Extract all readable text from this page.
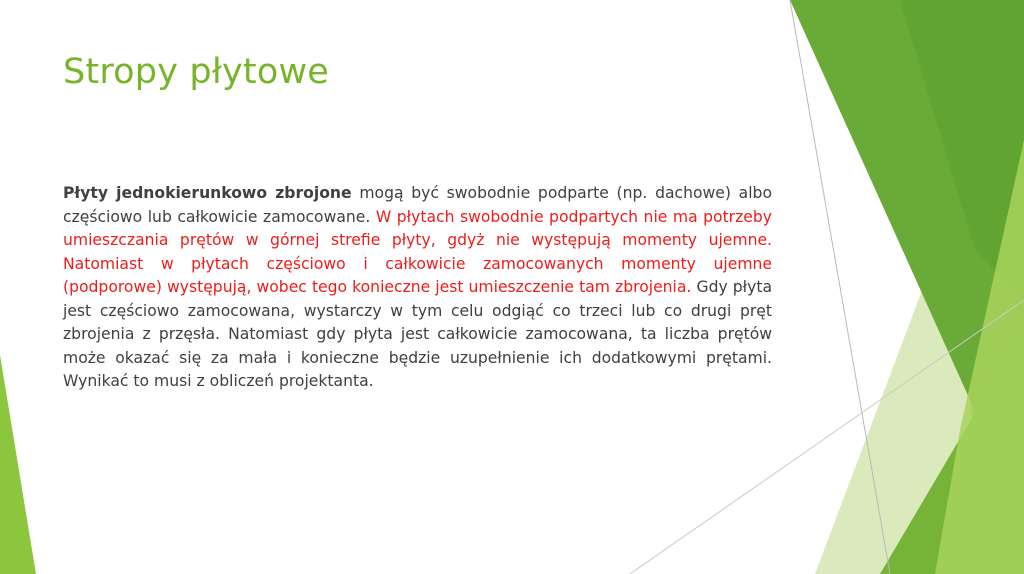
Stropy płytowe

Płyty jednokierunkowo zbrojone mogą być swobodnie podparte (np. dachowe) albo częściowo lub całkowicie zamocowane. W płytach swobodnie podpartych nie ma potrzeby umieszczania prętów w górnej strefie płyty, gdyż nie występują momenty ujemne. Natomiast w płytach częściowo i całkowicie zamocowanych momenty ujemne (podporowe) występują, wobec tego konieczne jest umieszczenie tam zbrojenia. Gdy płyta jest częściowo zamocowana, wystarczy w tym celu odgiąć co trzeci lub co drugi pręt zbrojenia z przęsła. Natomiast gdy płyta jest całkowicie zamocowana, ta liczba prętów może okazać się za mała i konieczne będzie uzupełnienie ich dodatkowymi prętami. Wynikać to musi z obliczeń projektanta.
